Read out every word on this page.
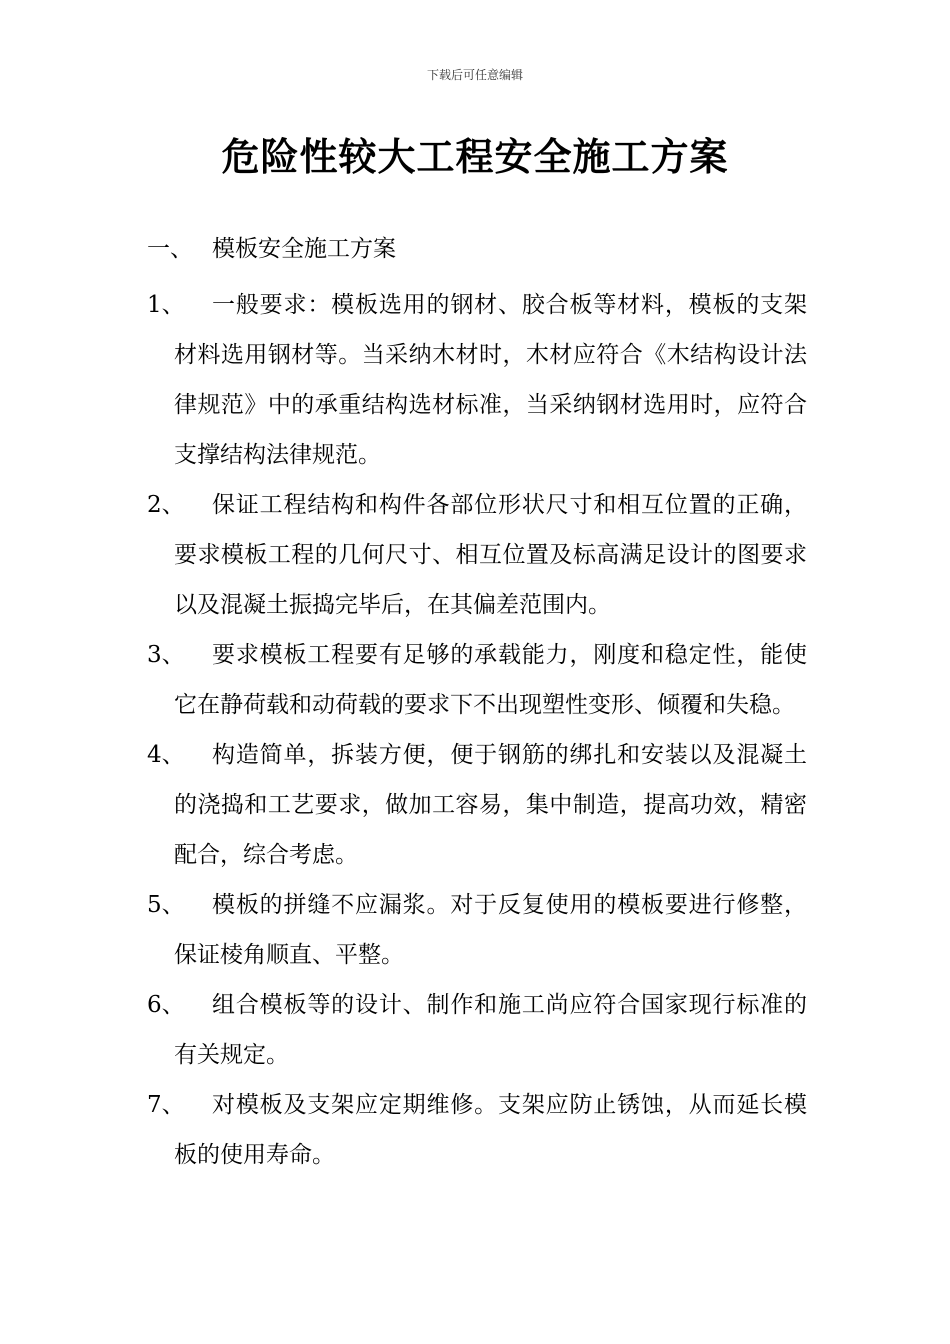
下载后可任意编辑
危险性较大工程安全施工方案
一、 模板安全施工方案
1、 一般要求：模板选用的钢材、胶合板等材料，模板的支架材料选用钢材等。当采纳木材时，木材应符合《木结构设计法律规范》中的承重结构选材标准，当采纳钢材选用时，应符合支撑结构法律规范。
2、 保证工程结构和构件各部位形状尺寸和相互位置的正确，要求模板工程的几何尺寸、相互位置及标高满足设计的图要求以及混凝土振捣完毕后，在其偏差范围内。
3、 要求模板工程要有足够的承载能力，刚度和稳定性，能使它在静荷载和动荷载的要求下不出现塑性变形、倾覆和失稳。
4、 构造简单，拆装方便，便于钢筋的绑扎和安装以及混凝土的浇捣和工艺要求，做加工容易，集中制造，提高功效，精密配合，综合考虑。
5、 模板的拼缝不应漏浆。对于反复使用的模板要进行修整，保证棱角顺直、平整。
6、 组合模板等的设计、制作和施工尚应符合国家现行标准的有关规定。
7、 对模板及支架应定期维修。支架应防止锈蚀，从而延长模板的使用寿命。
